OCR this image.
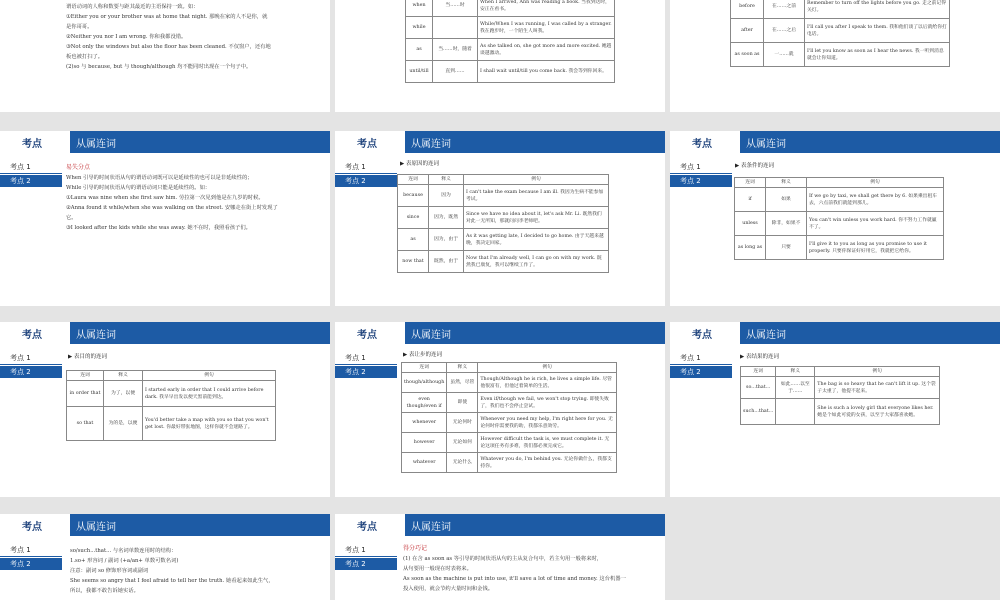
谓语动词的人称和数要与距其最近的主语保持一致。如：
①Either you or your brother was at home that night. 那晚在家的人不是你，就
是你哥哥。
②Neither you nor I am wrong. 你和我都没错。
③Not only the windows but also the floor has been cleaned. 不仅窗户，还有地
板也被打扫了。
(2)so 与 because, but 与 though/although 均不能同时出现在一个句子中。
when	当……时	When I arrived, Ann was reading a book. 当我到达时，安正在看书。
while		While/When I was running, I was called by a stranger. 我在跑步时，一个陌生人叫我。
as	当……时，随着	As she talked on, she got more and more excited. 她越谈越激动。
until/till	直到……	I shall wait until/till you come back. 我会等到你回来。
before	在……之前	Remember to turn off the lights before you go. 走之前记得关灯。
after	在……之后	I'll call you after I speak to them. 我和他们谈了以后就给你打电话。
as soon as	一……就	I'll let you know as soon as I hear the news. 我一听到消息就会让你知道。
考点	从属连词
考点 1
考点 2
易失分点
When 引导的时间状语从句的谓语动词既可以是延续性的也可以是非延续性的；
While 引导的时间状语从句的谓语动词只能是延续性的。如：
①Laura was nine when she first saw him. 劳拉第一次见到他是在九岁的时候。
②Anna found it while/when she was walking on the street. 安娜走在街上时发现了
它。
③I looked after the kids while she was away. 她不在时，我照看孩子们。
考点	从属连词
考点 1
考点 2
▶ 表原因的连词
连词	释义	例句
because	因为	I can't take the exam because I am ill. 我因为生病不能参加考试。
since	因为，既然	Since we have no idea about it, let's ask Mr. Li. 既然我们对此一无所知，那就问问李老师吧。
as	因为，由于	As it was getting late, I decided to go home. 由于天越来越晚，我决定回家。
now that	既然，由于	Now that I'm already well, I can go on with my work. 既然我已康复，我可以继续工作了。
考点	从属连词
考点 1
考点 2
▶ 表条件的连词
连词	释义	例句
if	如果	If we go by taxi, we shall get there by 6. 如果乘出租车去，六点前我们就能到那儿。
unless	除非，如果不	You can't win unless you work hard. 你不努力工作就赢不了。
as long as	只要	I'll give it to you as long as you promise to use it properly. 只要你保证好好用它，我就把它给你。
考点	从属连词
考点 1
考点 2
▶ 表目的的连词
连词	释义	例句
in order that	为了，以便	I started early in order that I could arrive before dark. 我早早出发以便天黑前能到达。
so that	为的是，以便	You'd better take a map with you so that you won't get lost. 你最好带张地图，这样你就不会迷路了。
考点	从属连词
考点 1
考点 2
▶ 表让步的连词
连词	释义	例句
though/although	虽然，尽管	Though/Although he is rich, he lives a simple life. 尽管他很富有，但他过着简单的生活。
even though/even if	即使	Even if/though we fail, we won't stop trying. 即使失败了，我们也不会停止尝试。
whenever	无论何时	Whenever you need my help, I'm right here for you. 无论何时你需要我的助，我都乐意效劳。
however	无论如何	However difficult the task is, we must complete it. 无论这项任务有多难，我们都必须完成它。
whatever	无论什么	Whatever you do, I'm behind you. 无论你做什么，我都支持你。
考点	从属连词
考点 1
考点 2
▶ 表结果的连词
连词	释义	例句
so...that...	如此……以至于……	The bag is so heavy that he can't lift it up. 这个袋子太重了，他提不起来。
such...that...		She is such a lovely girl that everyone likes her. 她是个如此可爱的女孩，以至于大家都喜欢她。
考点	从属连词
考点 1
考点 2
so/such...that... 与名词单数连用时的结构：
1.so+ 形容词 / 副词 (+a/an+ 单数可数名词)
注意：副词 so 修饰形容词或副词
She seems so angry that I feel afraid to tell her the truth. 她看起来如此生气，
所以，我都不敢告诉她实话。
考点	从属连词
考点 1
考点 2
得分巧记
(1) 在含 as soon as 等引导的时间状语从句的主从复合句中，若主句用一般将来时，
从句要用一般现在时表将来。
As soon as the machine is put into use, it'll save a lot of time and money. 这台机器一
投入使用，就会节约大量时间和金钱。
